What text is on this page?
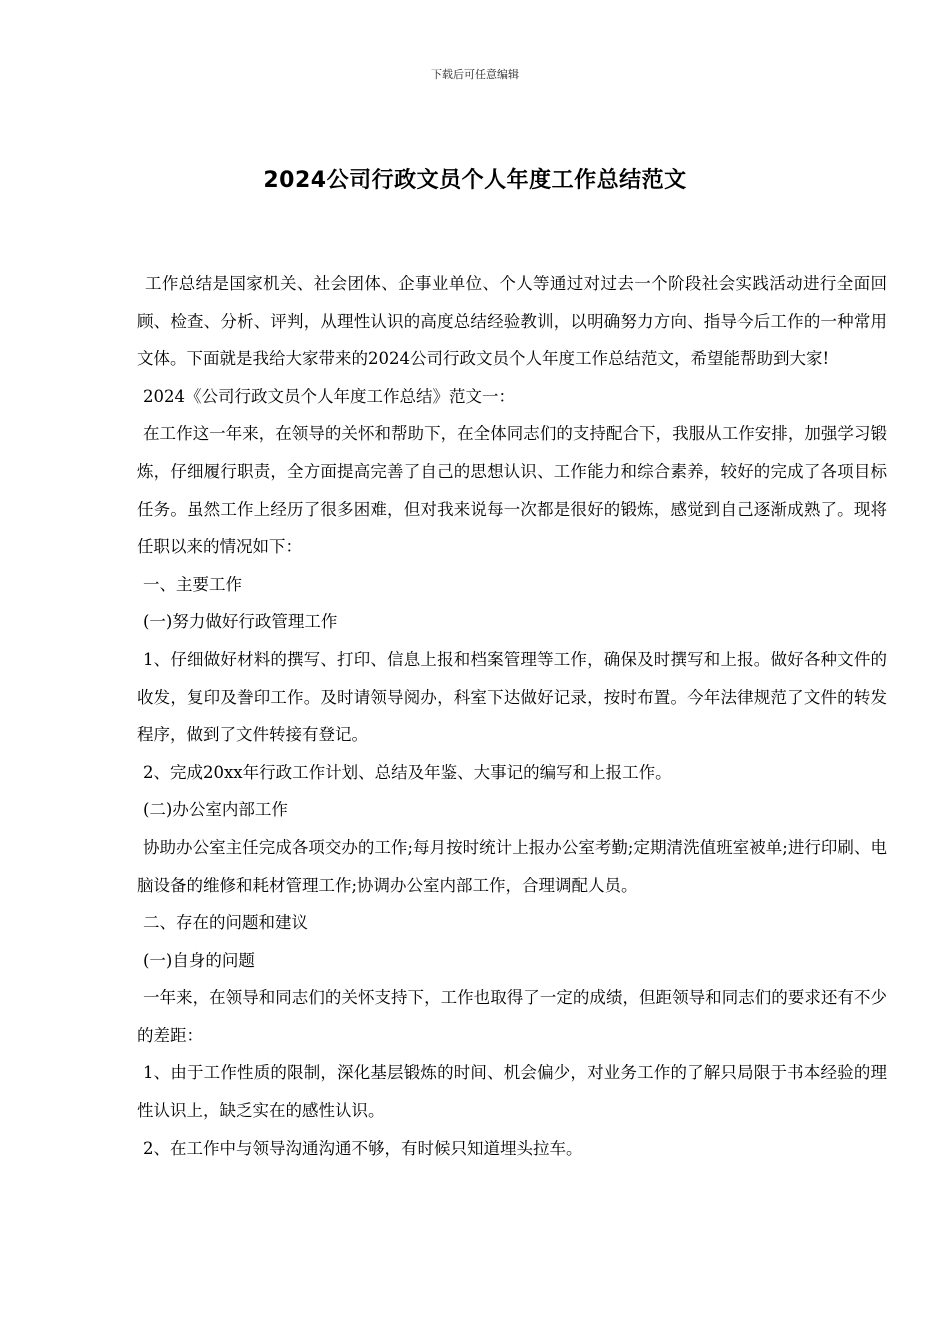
下载后可任意编辑
2024公司行政文员个人年度工作总结范文

工作总结是国家机关、社会团体、企事业单位、个人等通过对过去一个阶段社会实践活动进行全面回顾、检查、分析、评判，从理性认识的高度总结经验教训，以明确努力方向、指导今后工作的一种常用文体。下面就是我给大家带来的2024公司行政文员个人年度工作总结范文，希望能帮助到大家!

2024《公司行政文员个人年度工作总结》范文一：

在工作这一年来，在领导的关怀和帮助下，在全体同志们的支持配合下，我服从工作安排，加强学习锻炼，仔细履行职责，全方面提高完善了自己的思想认识、工作能力和综合素养，较好的完成了各项目标任务。虽然工作上经历了很多困难，但对我来说每一次都是很好的锻炼，感觉到自己逐渐成熟了。现将任职以来的情况如下：

一、主要工作

(一)努力做好行政管理工作

1、仔细做好材料的撰写、打印、信息上报和档案管理等工作，确保及时撰写和上报。做好各种文件的收发，复印及誊印工作。及时请领导阅办，科室下达做好记录，按时布置。今年法律规范了文件的转发程序，做到了文件转接有登记。

2、完成20xx年行政工作计划、总结及年鉴、大事记的编写和上报工作。

(二)办公室内部工作

协助办公室主任完成各项交办的工作;每月按时统计上报办公室考勤;定期清洗值班室被单;进行印刷、电脑设备的维修和耗材管理工作;协调办公室内部工作，合理调配人员。

二、存在的问题和建议

(一)自身的问题

一年来，在领导和同志们的关怀支持下，工作也取得了一定的成绩，但距领导和同志们的要求还有不少的差距：

1、由于工作性质的限制，深化基层锻炼的时间、机会偏少，对业务工作的了解只局限于书本经验的理性认识上，缺乏实在的感性认识。

2、在工作中与领导沟通沟通不够，有时候只知道埋头拉车。
